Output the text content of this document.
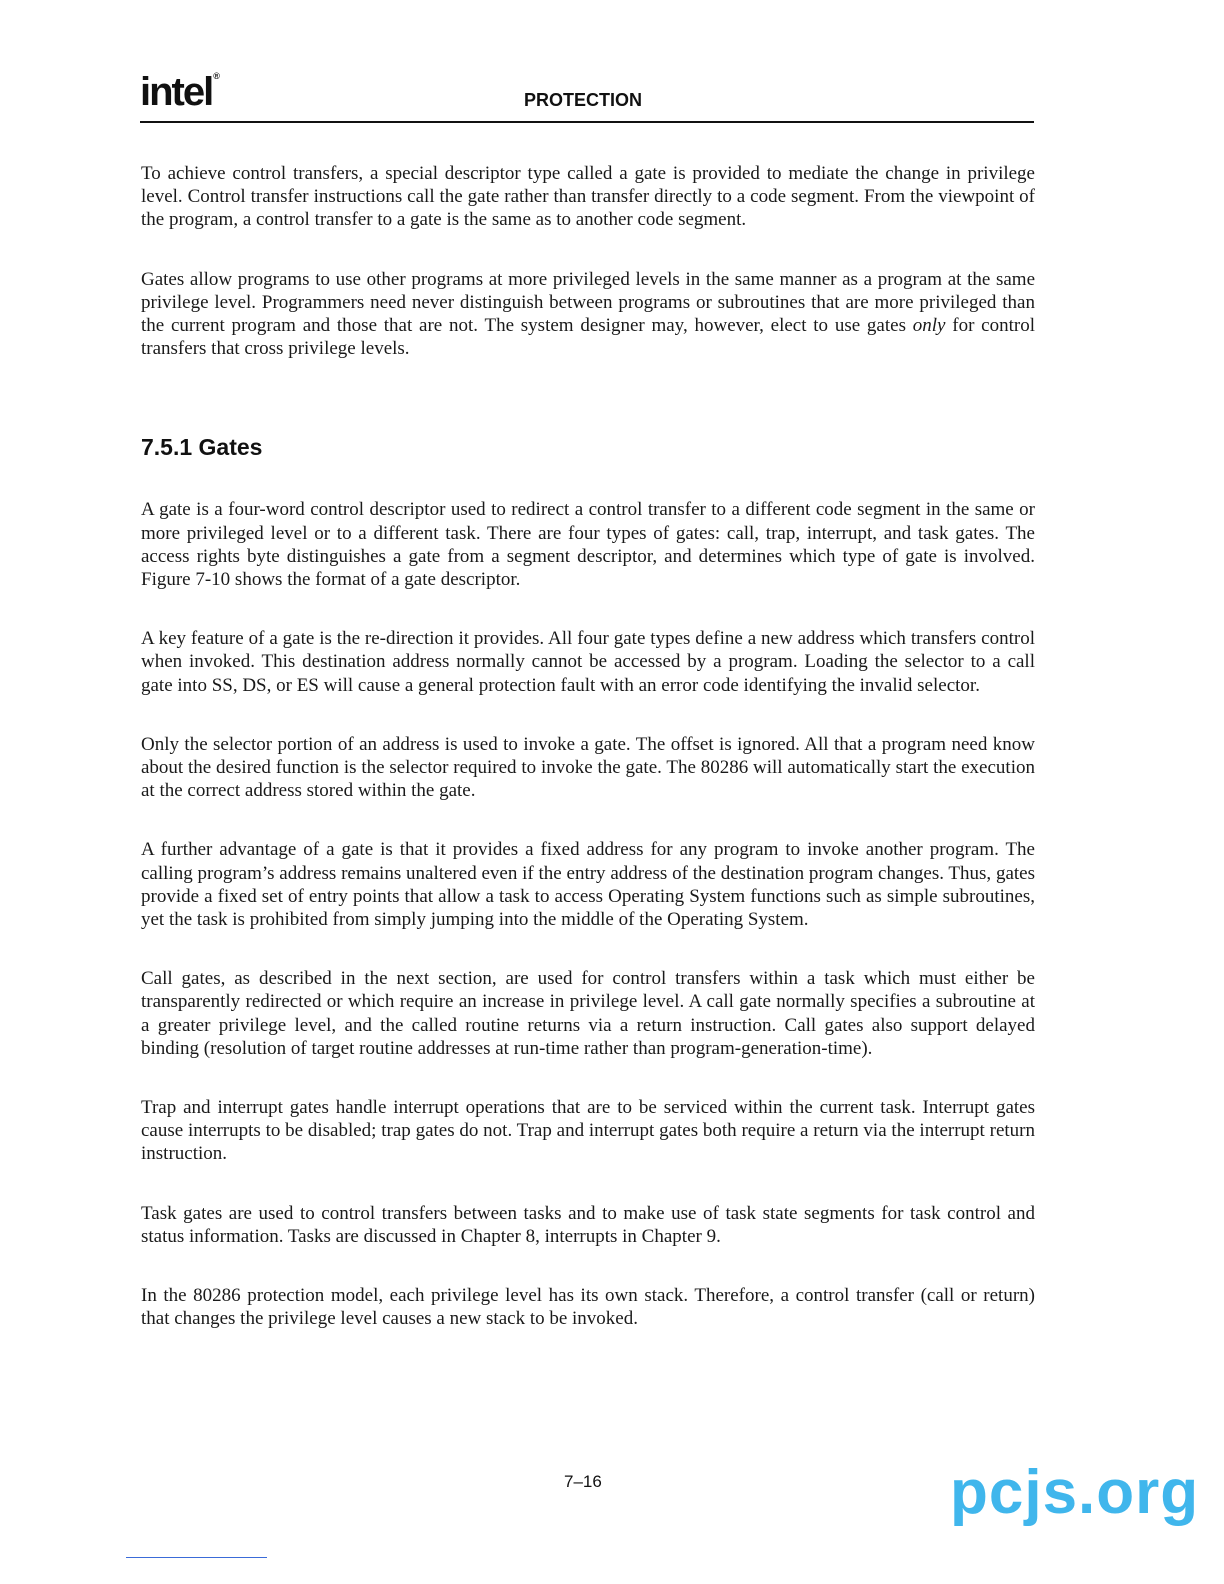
intel®
PROTECTION

To achieve control transfers, a special descriptor type called a gate is provided to mediate the change in privilege level. Control transfer instructions call the gate rather than transfer directly to a code segment. From the viewpoint of the program, a control transfer to a gate is the same as to another code segment.

Gates allow programs to use other programs at more privileged levels in the same manner as a program at the same privilege level. Programmers need never distinguish between programs or subroutines that are more privileged than the current program and those that are not. The system designer may, however, elect to use gates only for control transfers that cross privilege levels.

7.5.1 Gates

A gate is a four-word control descriptor used to redirect a control transfer to a different code segment in the same or more privileged level or to a different task. There are four types of gates: call, trap, interrupt, and task gates. The access rights byte distinguishes a gate from a segment descriptor, and determines which type of gate is involved. Figure 7-10 shows the format of a gate descriptor.

A key feature of a gate is the re-direction it provides. All four gate types define a new address which transfers control when invoked. This destination address normally cannot be accessed by a program. Loading the selector to a call gate into SS, DS, or ES will cause a general protection fault with an error code identifying the invalid selector.

Only the selector portion of an address is used to invoke a gate. The offset is ignored. All that a program need know about the desired function is the selector required to invoke the gate. The 80286 will automatically start the execution at the correct address stored within the gate.

A further advantage of a gate is that it provides a fixed address for any program to invoke another program. The calling program’s address remains unaltered even if the entry address of the destination program changes. Thus, gates provide a fixed set of entry points that allow a task to access Operating System functions such as simple subroutines, yet the task is prohibited from simply jumping into the middle of the Operating System.

Call gates, as described in the next section, are used for control transfers within a task which must either be transparently redirected or which require an increase in privilege level. A call gate normally specifies a subroutine at a greater privilege level, and the called routine returns via a return instruction. Call gates also support delayed binding (resolution of target routine addresses at run-time rather than program-generation-time).

Trap and interrupt gates handle interrupt operations that are to be serviced within the current task. Interrupt gates cause interrupts to be disabled; trap gates do not. Trap and interrupt gates both require a return via the interrupt return instruction.

Task gates are used to control transfers between tasks and to make use of task state segments for task control and status information. Tasks are discussed in Chapter 8, interrupts in Chapter 9.

In the 80286 protection model, each privilege level has its own stack. Therefore, a control transfer (call or return) that changes the privilege level causes a new stack to be invoked.

7–16	pcjs.org
